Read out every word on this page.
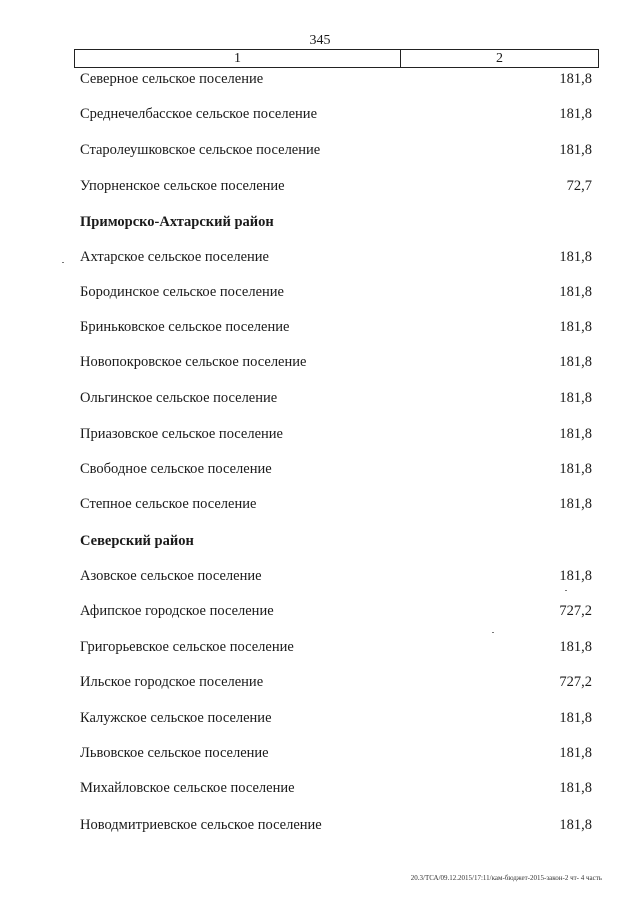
345
1	2
Северное сельское поселение	181,8
Среднечелбасское сельское поселение	181,8
Старолеушковское сельское поселение	181,8
Упорненское сельское поселение	72,7
Приморско-Ахтарский район
Ахтарское сельское поселение	181,8
Бородинское сельское поселение	181,8
Бриньковское сельское поселение	181,8
Новопокровское сельское поселение	181,8
Ольгинское сельское поселение	181,8
Приазовское сельское поселение	181,8
Свободное сельское поселение	181,8
Степное сельское поселение	181,8
Северский район
Азовское сельское поселение	181,8
Афипское городское поселение	727,2
Григорьевское сельское поселение	181,8
Ильское городское поселение	727,2
Калужское сельское поселение	181,8
Львовское сельское поселение	181,8
Михайловское сельское поселение	181,8
Новодмитриевское сельское поселение	181,8
20.3/ТСА/09.12.2015/17:11/кам-бюджет-2015-закон-2 чт- 4 часть
